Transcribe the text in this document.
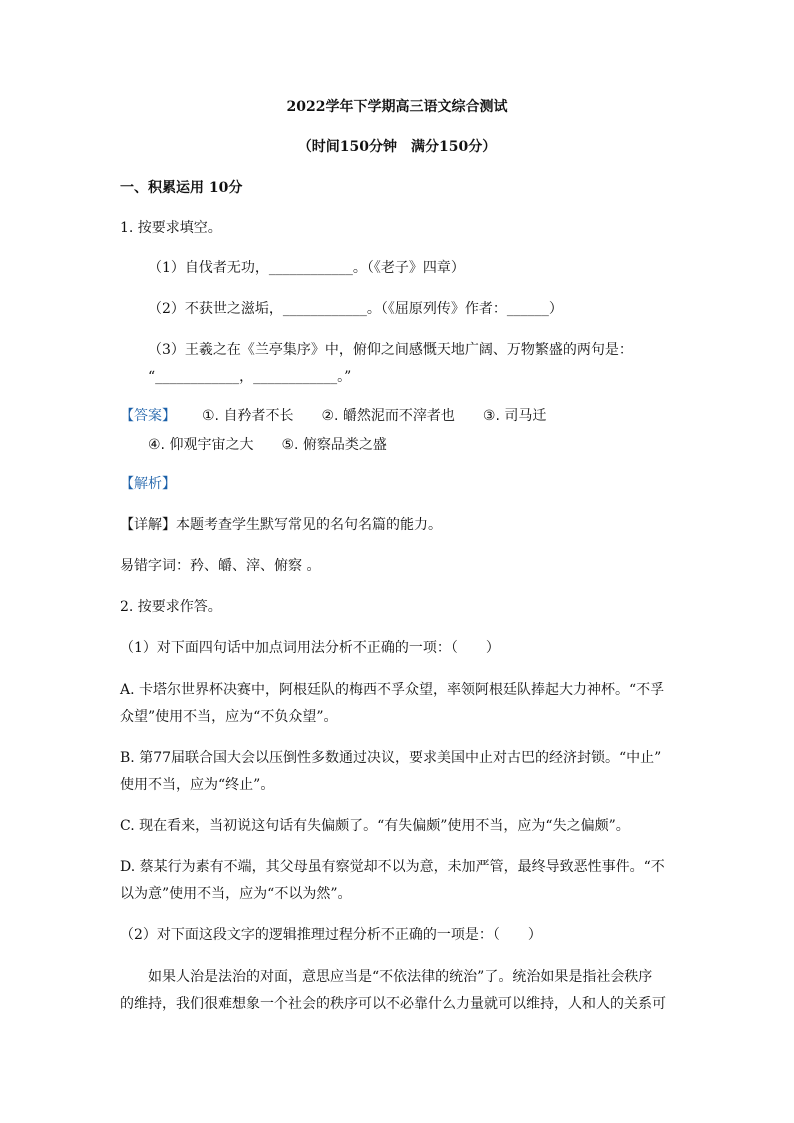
2022学年下学期高三语文综合测试
（时间150分钟　满分150分）
一、积累运用 10分
1. 按要求填空。
（1）自伐者无功，____________。（《老子》四章）
（2）不获世之滋垢，____________。（《屈原列传》作者：______）
（3）王羲之在《兰亭集序》中，俯仰之间感慨天地广阔、万物繁盛的两句是：
“____________，____________。”
【答案】 ①. 自矜者不长　　②. 皭然泥而不滓者也　　③. 司马迁
④. 仰观宇宙之大　　⑤. 俯察品类之盛
【解析】
【详解】本题考查学生默写常见的名句名篇的能力。
易错字词：矜、皭、滓、俯察 。
2. 按要求作答。
（1）对下面四句话中加点词用法分析不正确的一项：（　　）
A. 卡塔尔世界杯决赛中，阿根廷队的梅西不孚众望，率领阿根廷队捧起大力神杯。“不孚
众望”使用不当，应为“不负众望”。
B. 第77届联合国大会以压倒性多数通过决议，要求美国中止对古巴的经济封锁。“中止”
使用不当，应为“终止”。
C. 现在看来，当初说这句话有失偏颇了。“有失偏颇”使用不当，应为“失之偏颇”。
D. 蔡某行为素有不端，其父母虽有察觉却不以为意，未加严管，最终导致恶性事件。“不
以为意”使用不当，应为“不以为然”。
（2）对下面这段文字的逻辑推理过程分析不正确的一项是：（　　）
如果人治是法治的对面，意思应当是“不依法律的统治”了。统治如果是指社会秩序
的维持，我们很难想象一个社会的秩序可以不必靠什么力量就可以维持，人和人的关系可
